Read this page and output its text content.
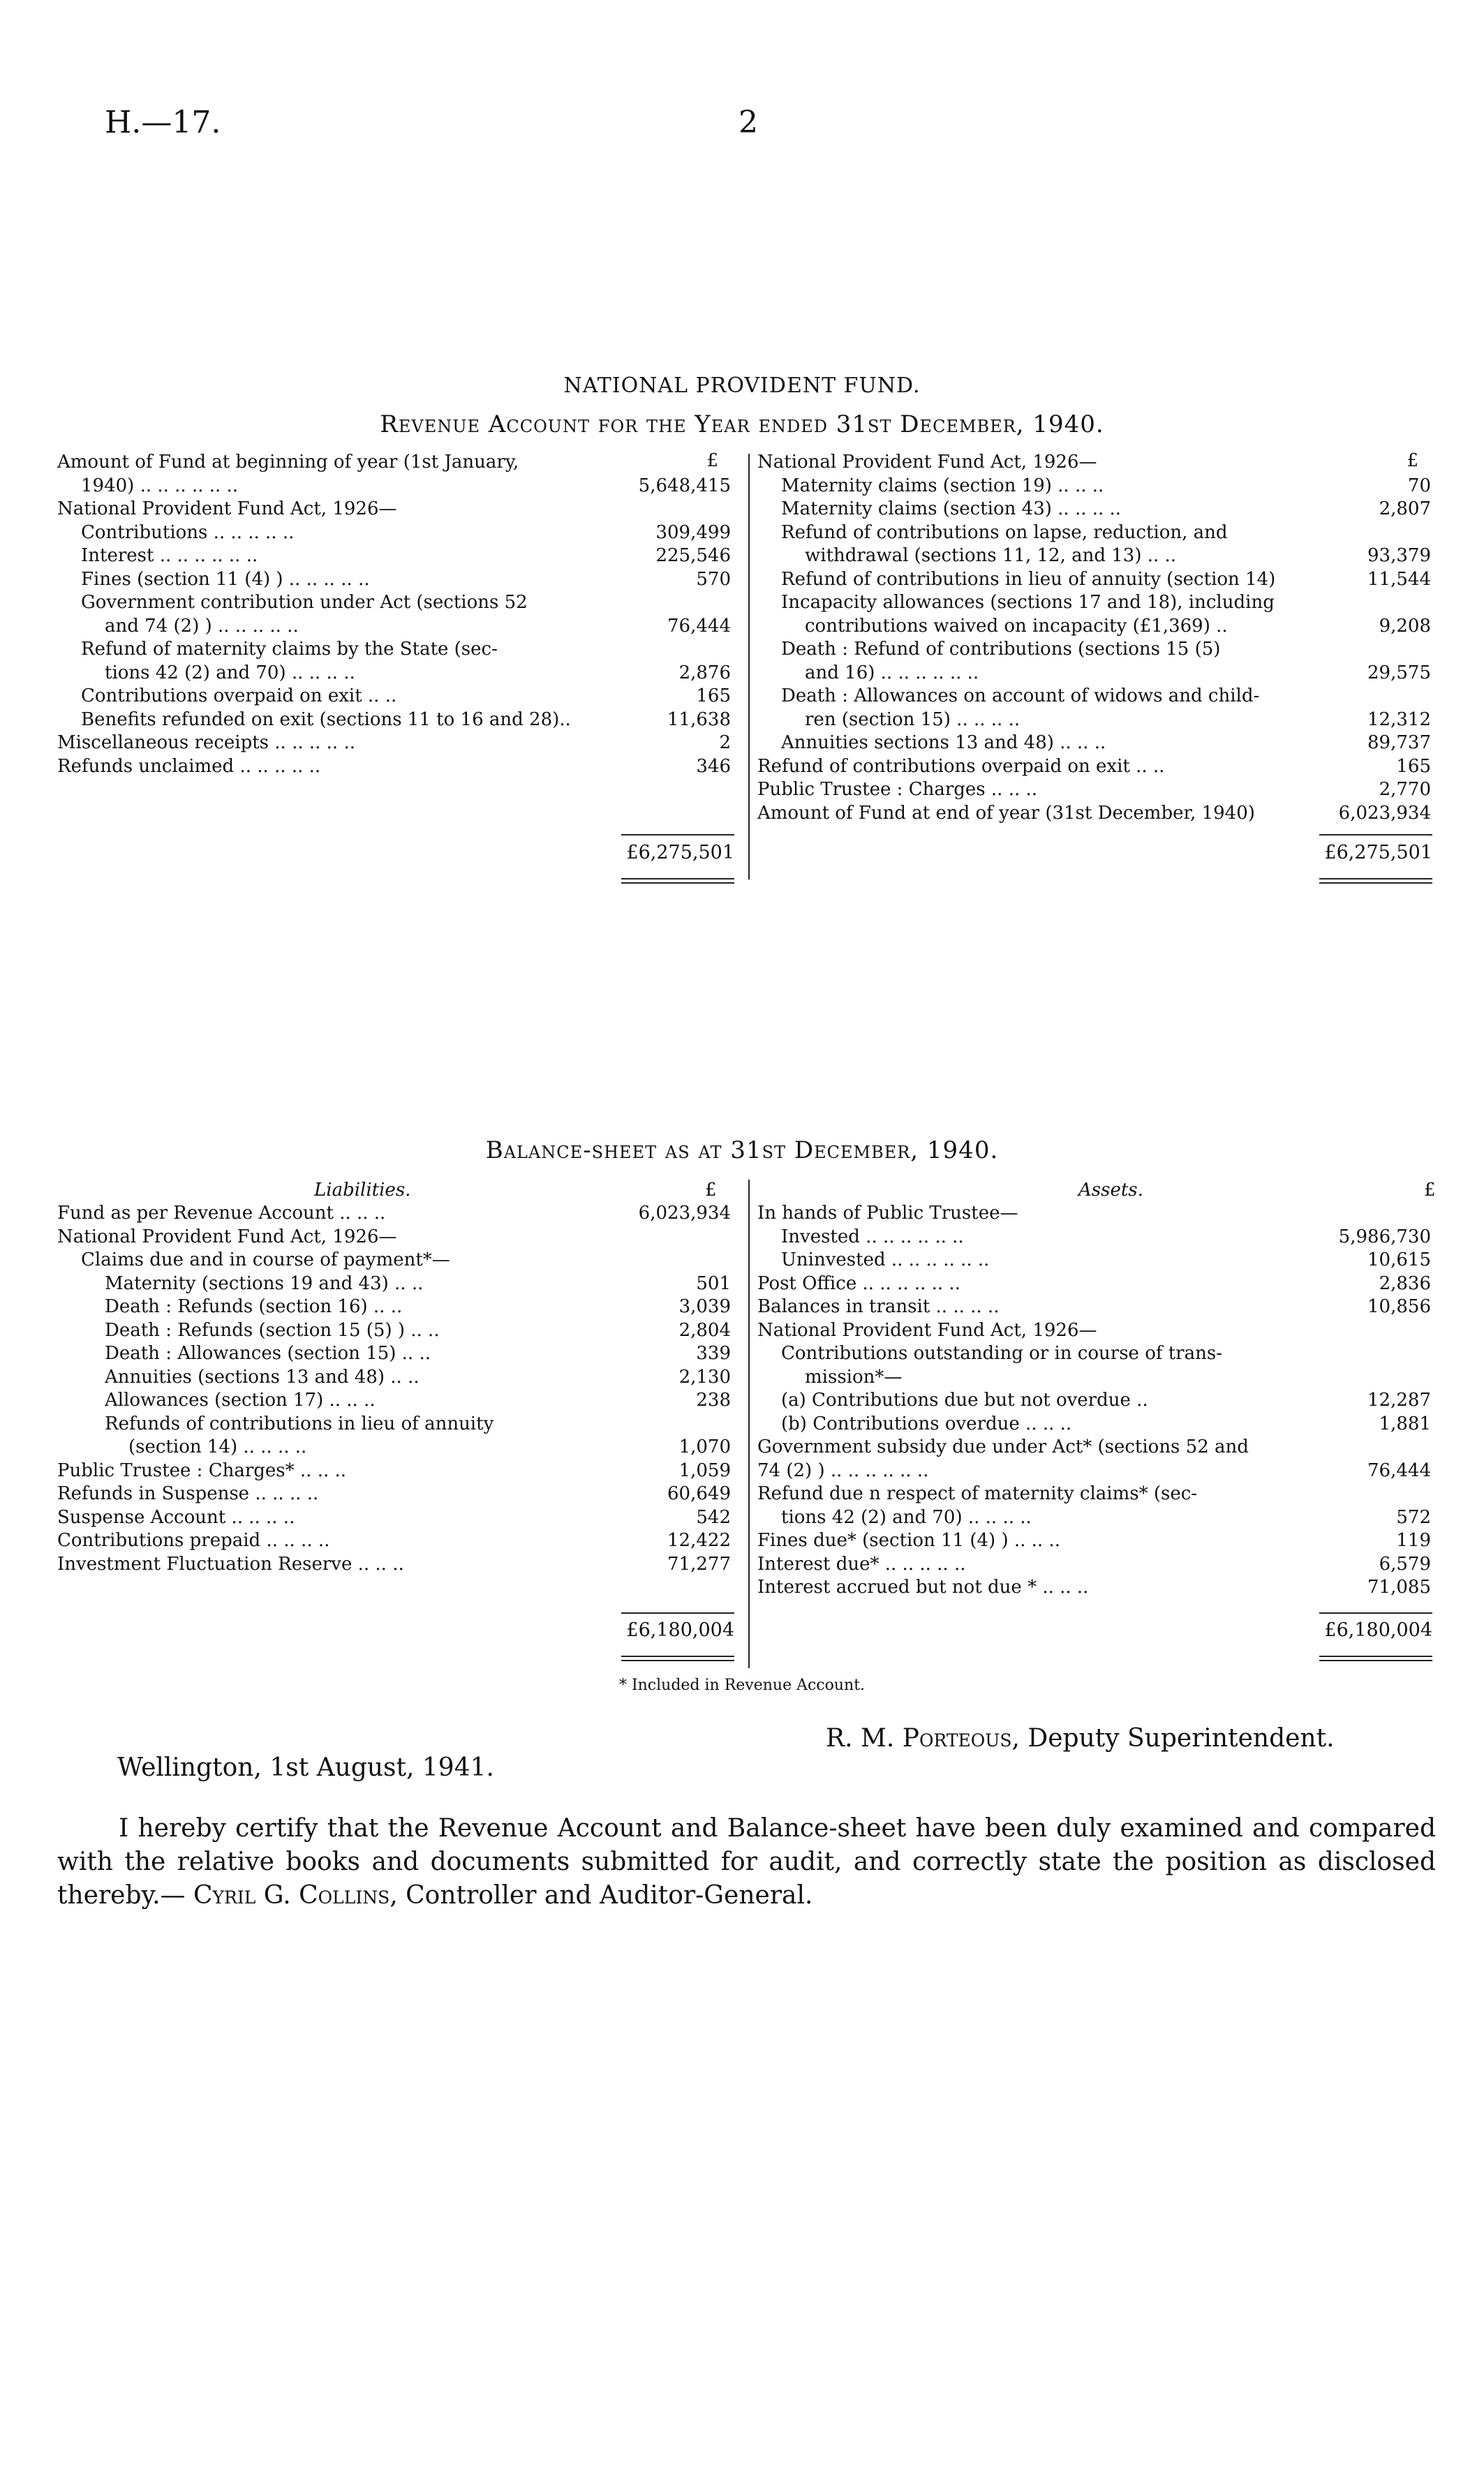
H.—17.	2
NATIONAL PROVIDENT FUND.
Revenue Account for the Year ended 31st December, 1940.
£
Amount of Fund at beginning of year (1st January,
1940) .. .. .. .. .. ..	5,648,415
National Provident Fund Act, 1926—
Contributions .. .. .. .. ..	309,499
Interest .. .. .. .. .. ..	225,546
Fines (section 11 (4) ) .. .. .. .. ..	570
Government contribution under Act (sections 52
and 74 (2) ) .. .. .. .. ..	76,444
Refund of maternity claims by the State (sec-
tions 42 (2) and 70) .. .. .. ..	2,876
Contributions overpaid on exit .. ..	165
Benefits refunded on exit (sections 11 to 16 and 28)..	11,638
Miscellaneous receipts .. .. .. .. ..	2
Refunds unclaimed .. .. .. .. ..	346
£
National Provident Fund Act, 1926—
Maternity claims (section 19) .. .. ..	70
Maternity claims (section 43) .. .. .. ..	2,807
Refund of contributions on lapse, reduction, and
withdrawal (sections 11, 12, and 13) .. ..	93,379
Refund of contributions in lieu of annuity (section 14)	11,544
Incapacity allowances (sections 17 and 18), including
contributions waived on incapacity (£1,369) ..	9,208
Death : Refund of contributions (sections 15 (5)
and 16) .. .. .. .. .. ..	29,575
Death : Allowances on account of widows and child-
ren (section 15) .. .. .. ..	12,312
Annuities sections 13 and 48) .. .. ..	89,737
Refund of contributions overpaid on exit .. ..	165
Public Trustee : Charges .. .. ..	2,770
Amount of Fund at end of year (31st December, 1940)	6,023,934
£6,275,501	£6,275,501
Balance-sheet as at 31st December, 1940.
Liabilities.	£	Assets.	£
Fund as per Revenue Account .. .. ..	6,023,934
National Provident Fund Act, 1926—
Claims due and in course of payment*—
Maternity (sections 19 and 43) .. ..	501
Death : Refunds (section 16) .. ..	3,039
Death : Refunds (section 15 (5) ) .. ..	2,804
Death : Allowances (section 15) .. ..	339
Annuities (sections 13 and 48) .. ..	2,130
Allowances (section 17) .. .. ..	238
Refunds of contributions in lieu of annuity
(section 14) .. .. .. ..	1,070
Public Trustee : Charges* .. .. ..	1,059
Refunds in Suspense .. .. .. ..	60,649
Suspense Account .. .. .. ..	542
Contributions prepaid .. .. .. ..	12,422
Investment Fluctuation Reserve .. .. ..	71,277
In hands of Public Trustee—
Invested .. .. .. .. .. ..	5,986,730
Uninvested .. .. .. .. .. ..	10,615
Post Office .. .. .. .. .. ..	2,836
Balances in transit .. .. .. ..	10,856
National Provident Fund Act, 1926—
Contributions outstanding or in course of trans-
mission*—
(a) Contributions due but not overdue ..	12,287
(b) Contributions overdue .. .. ..	1,881
Government subsidy due under Act* (sections 52 and
74 (2) ) .. .. .. .. .. ..	76,444
Refund due n respect of maternity claims* (sec-
tions 42 (2) and 70) .. .. .. ..	572
Fines due* (section 11 (4) ) .. .. ..	119
Interest due* .. .. .. .. ..	6,579
Interest accrued but not due * .. .. ..	71,085
£6,180,004	£6,180,004
* Included in Revenue Account.
R. M. Porteous, Deputy Superintendent.
Wellington, 1st August, 1941.
I hereby certify that the Revenue Account and Balance-sheet have been duly examined and compared with the relative books and documents submitted for audit, and correctly state the position as disclosed thereby.— Cyril G. Collins, Controller and Auditor-General.
